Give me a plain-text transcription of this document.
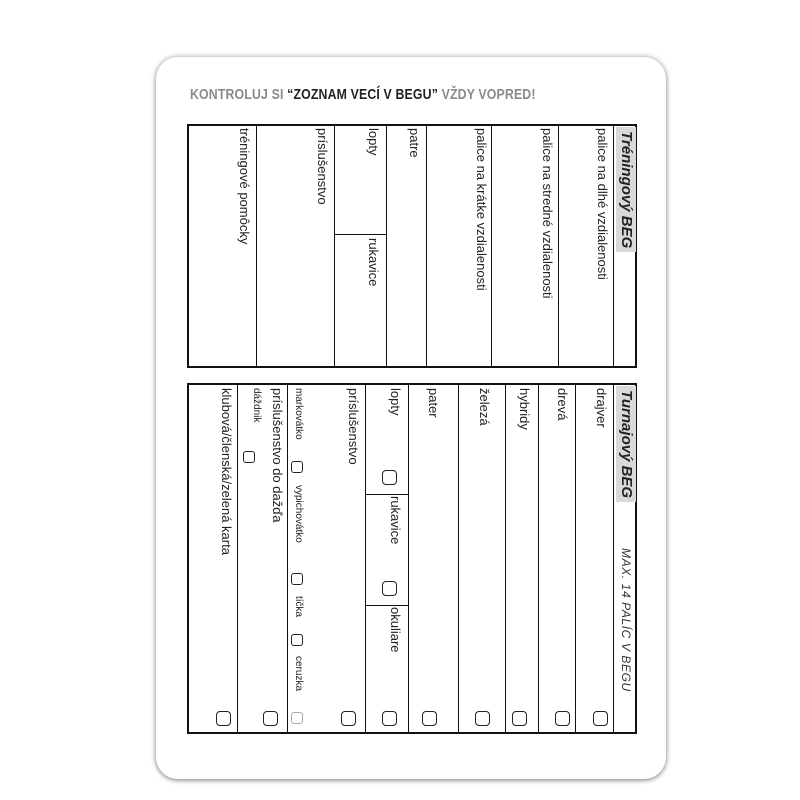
KONTROLUJ SI “ZOZNAM VECÍ V BEGU” VŽDY VOPRED!
Tréningový BEG
palice na dlhé vzdialenosti
palice na stredné vzdialenosti
palice na krátke vzdialenosti
patre
lopty
rukavice
príslušenstvo
tréningové pomôcky
Turnajový BEG
MAX. 14 PALÍC V BEGU
drajver
drevá
hybridy
železá
pater
lopty
rukavice
okuliare
príslušenstvo
markovátko
vypichovátko
tíčka
ceruzka
príslušenstvo do dažďa
dáždnik
klubová/členská/zelená karta
